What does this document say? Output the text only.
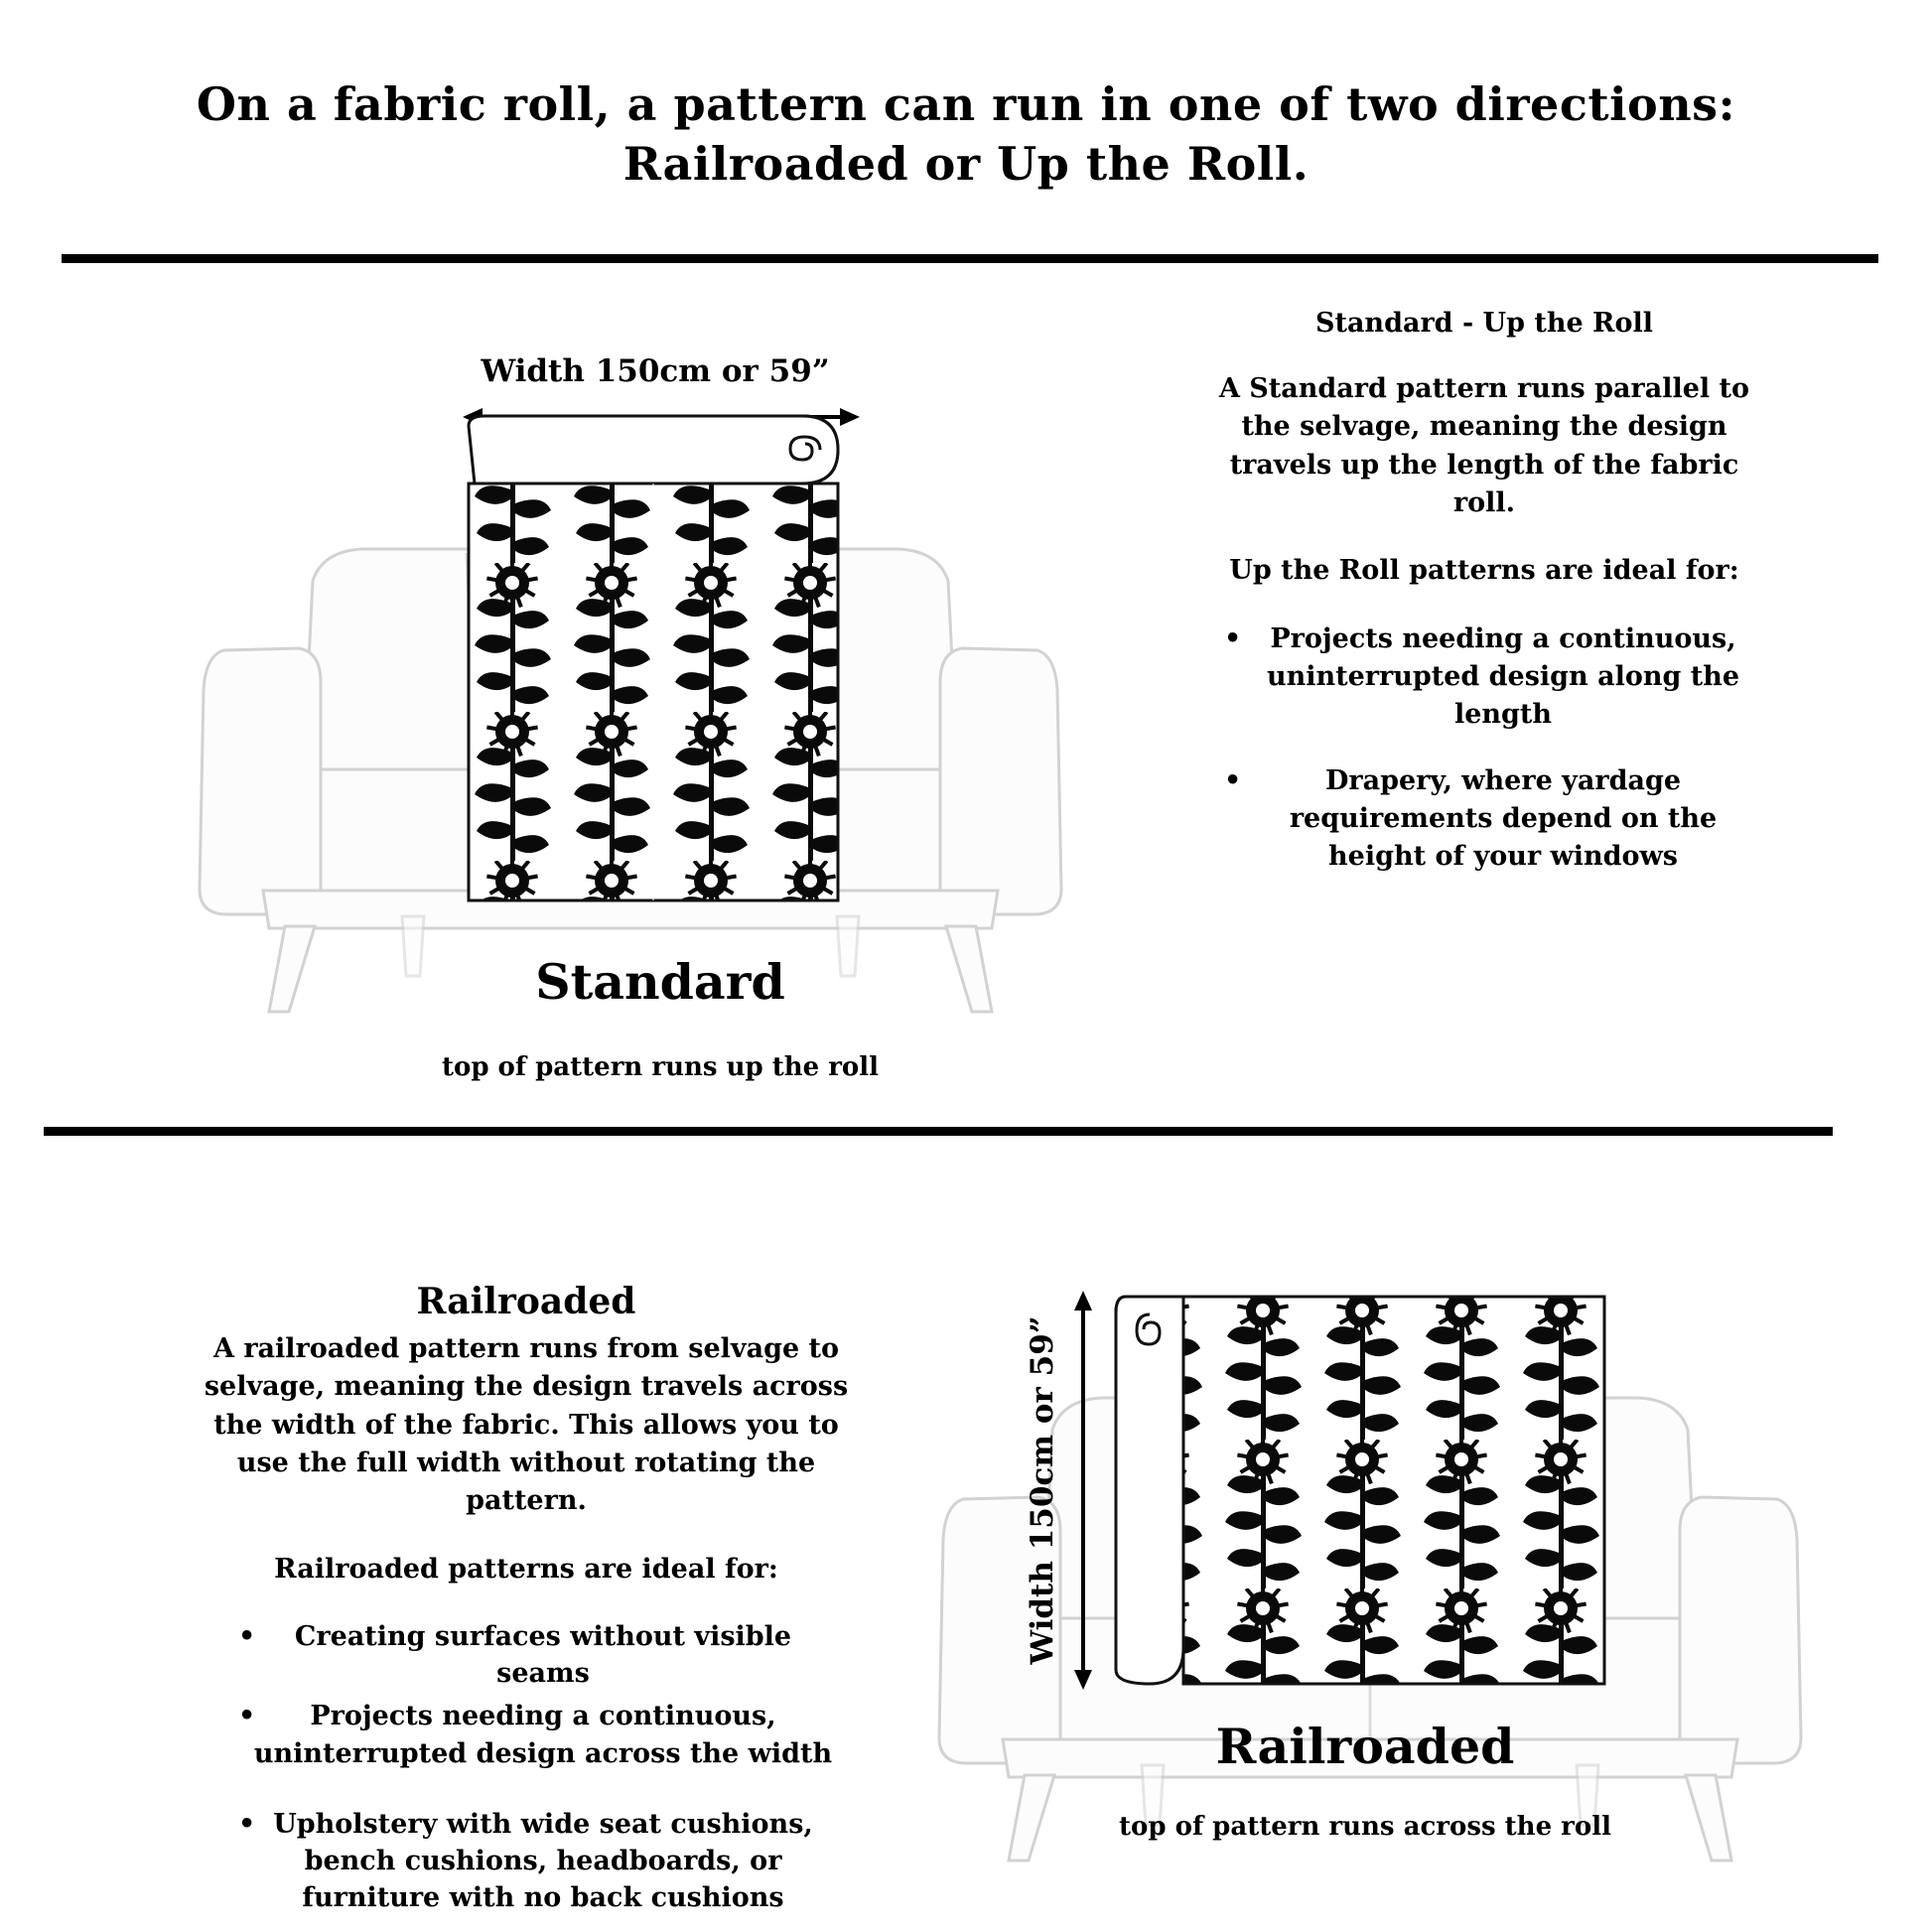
On a fabric roll, a pattern can run in one of two directions:
Railroaded or Up the Roll.
Width 150cm or 59”
Standard
top of pattern runs up the roll
Standard - Up the Roll

A Standard pattern runs parallel to the selvage, meaning the design travels up the length of the fabric roll.

Up the Roll patterns are ideal for:

• Projects needing a continuous, uninterrupted design along the length
•	Drapery, where yardage requirements depend on the height of your windows
Railroaded

A railroaded pattern runs from selvage to selvage, meaning the design travels across the width of the fabric. This allows you to use the full width without rotating the pattern.

Railroaded patterns are ideal for:

• Creating surfaces without visible seams
• Projects needing a continuous, uninterrupted design across the width
• Upholstery with wide seat cushions, bench cushions, headboards, or furniture with no back cushions
Width 150cm or 59”
Railroaded
top of pattern runs across the roll
